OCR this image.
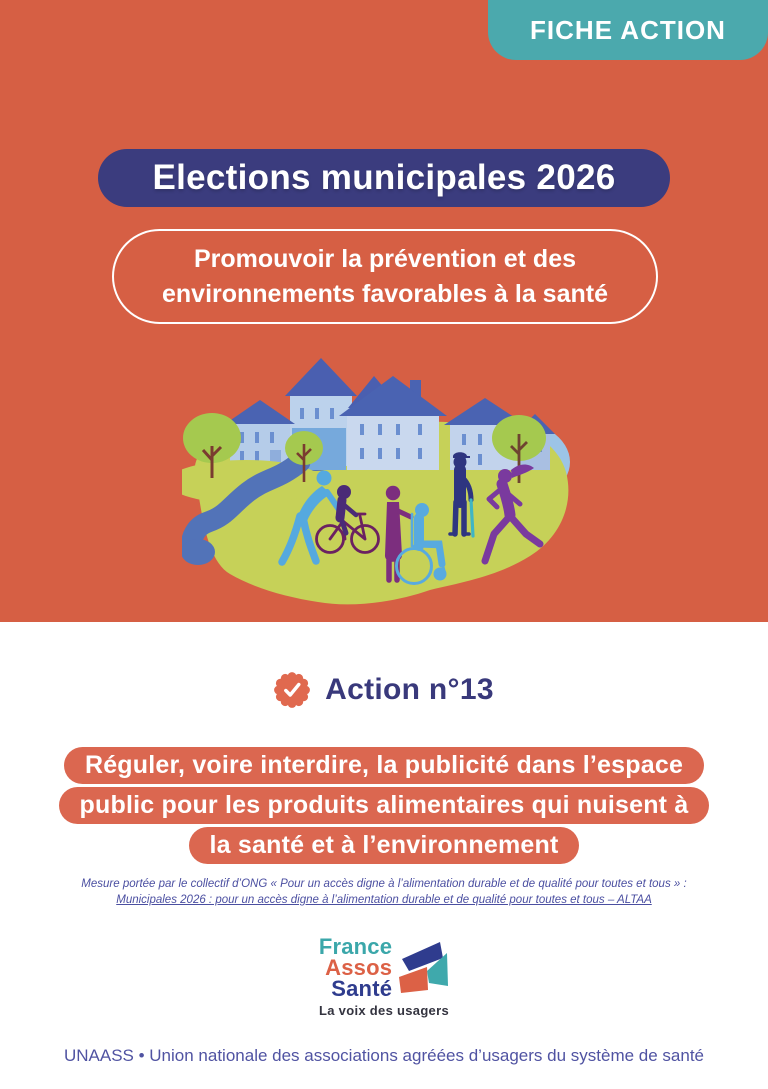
FICHE ACTION
Elections municipales 2026
Promouvoir la prévention et des
environnements favorables à la santé
Action n°13
Réguler, voire interdire, la publicité dans l’espace
public pour les produits alimentaires qui nuisent à
la santé et à l’environnement
Mesure portée par le collectif d’ONG « Pour un accès digne à l’alimentation durable et de qualité pour toutes et tous » :
Municipales 2026 : pour un accès digne à l’alimentation durable et de qualité pour toutes et tous – ALTAA
France
Assos
Santé
La voix des usagers
UNAASS • Union nationale des associations agréées d’usagers du système de santé
